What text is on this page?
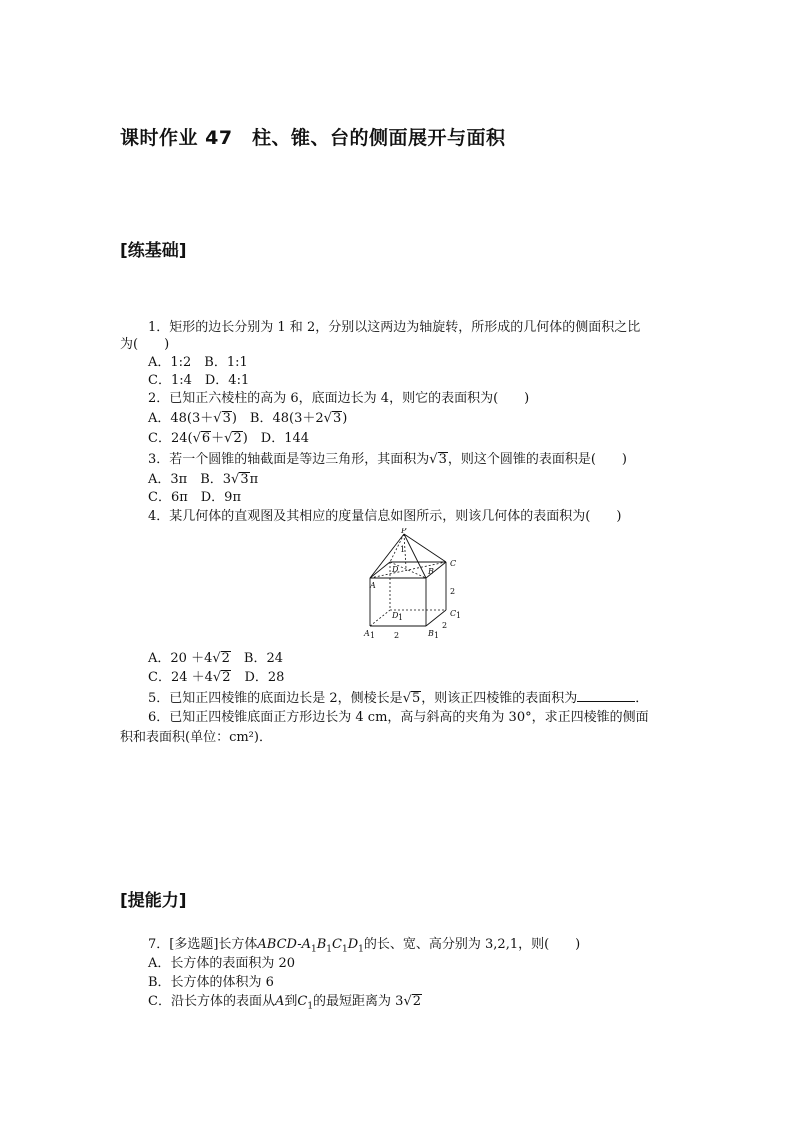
课时作业 47　柱、锥、台的侧面展开与面积
[练基础]
1．矩形的边长分别为 1 和 2，分别以这两边为轴旋转，所形成的几何体的侧面积之比
为(　　)
A．1:2　B．1:1
C．1:4　D．4:1
2．已知正六棱柱的高为 6，底面边长为 4，则它的表面积为(　　)
A．48(3＋√3)　B．48(3＋2√3)
C．24(√6＋√2)　D．144
3．若一个圆锥的轴截面是等边三角形，其面积为√3，则这个圆锥的表面积是(　　)
A．3π　B．3√3π
C．6π　D．9π
4．某几何体的直观图及其相应的度量信息如图所示，则该几何体的表面积为(　　)
P
1
D	B
C
A
2
D 1	C 1
2
A 1 2	B 1
A．20 ＋4√2　B．24
C．24 ＋4√2　D．28
5．已知正四棱锥的底面边长是 2，侧棱长是√5，则该正四棱锥的表面积为	．
6．已知正四棱锥底面正方形边长为 4 cm，高与斜高的夹角为 30°，求正四棱锥的侧面
积和表面积(单位：cm²)．
[提能力]
7．[多选题]长方体ABCD-$A_1B_1C_1D_1$的长、宽、高分别为 3,2,1，则(　　)
A．长方体的表面积为 20
B．长方体的体积为 6
C．沿长方体的表面从A到$C_1$的最短距离为 3√2
